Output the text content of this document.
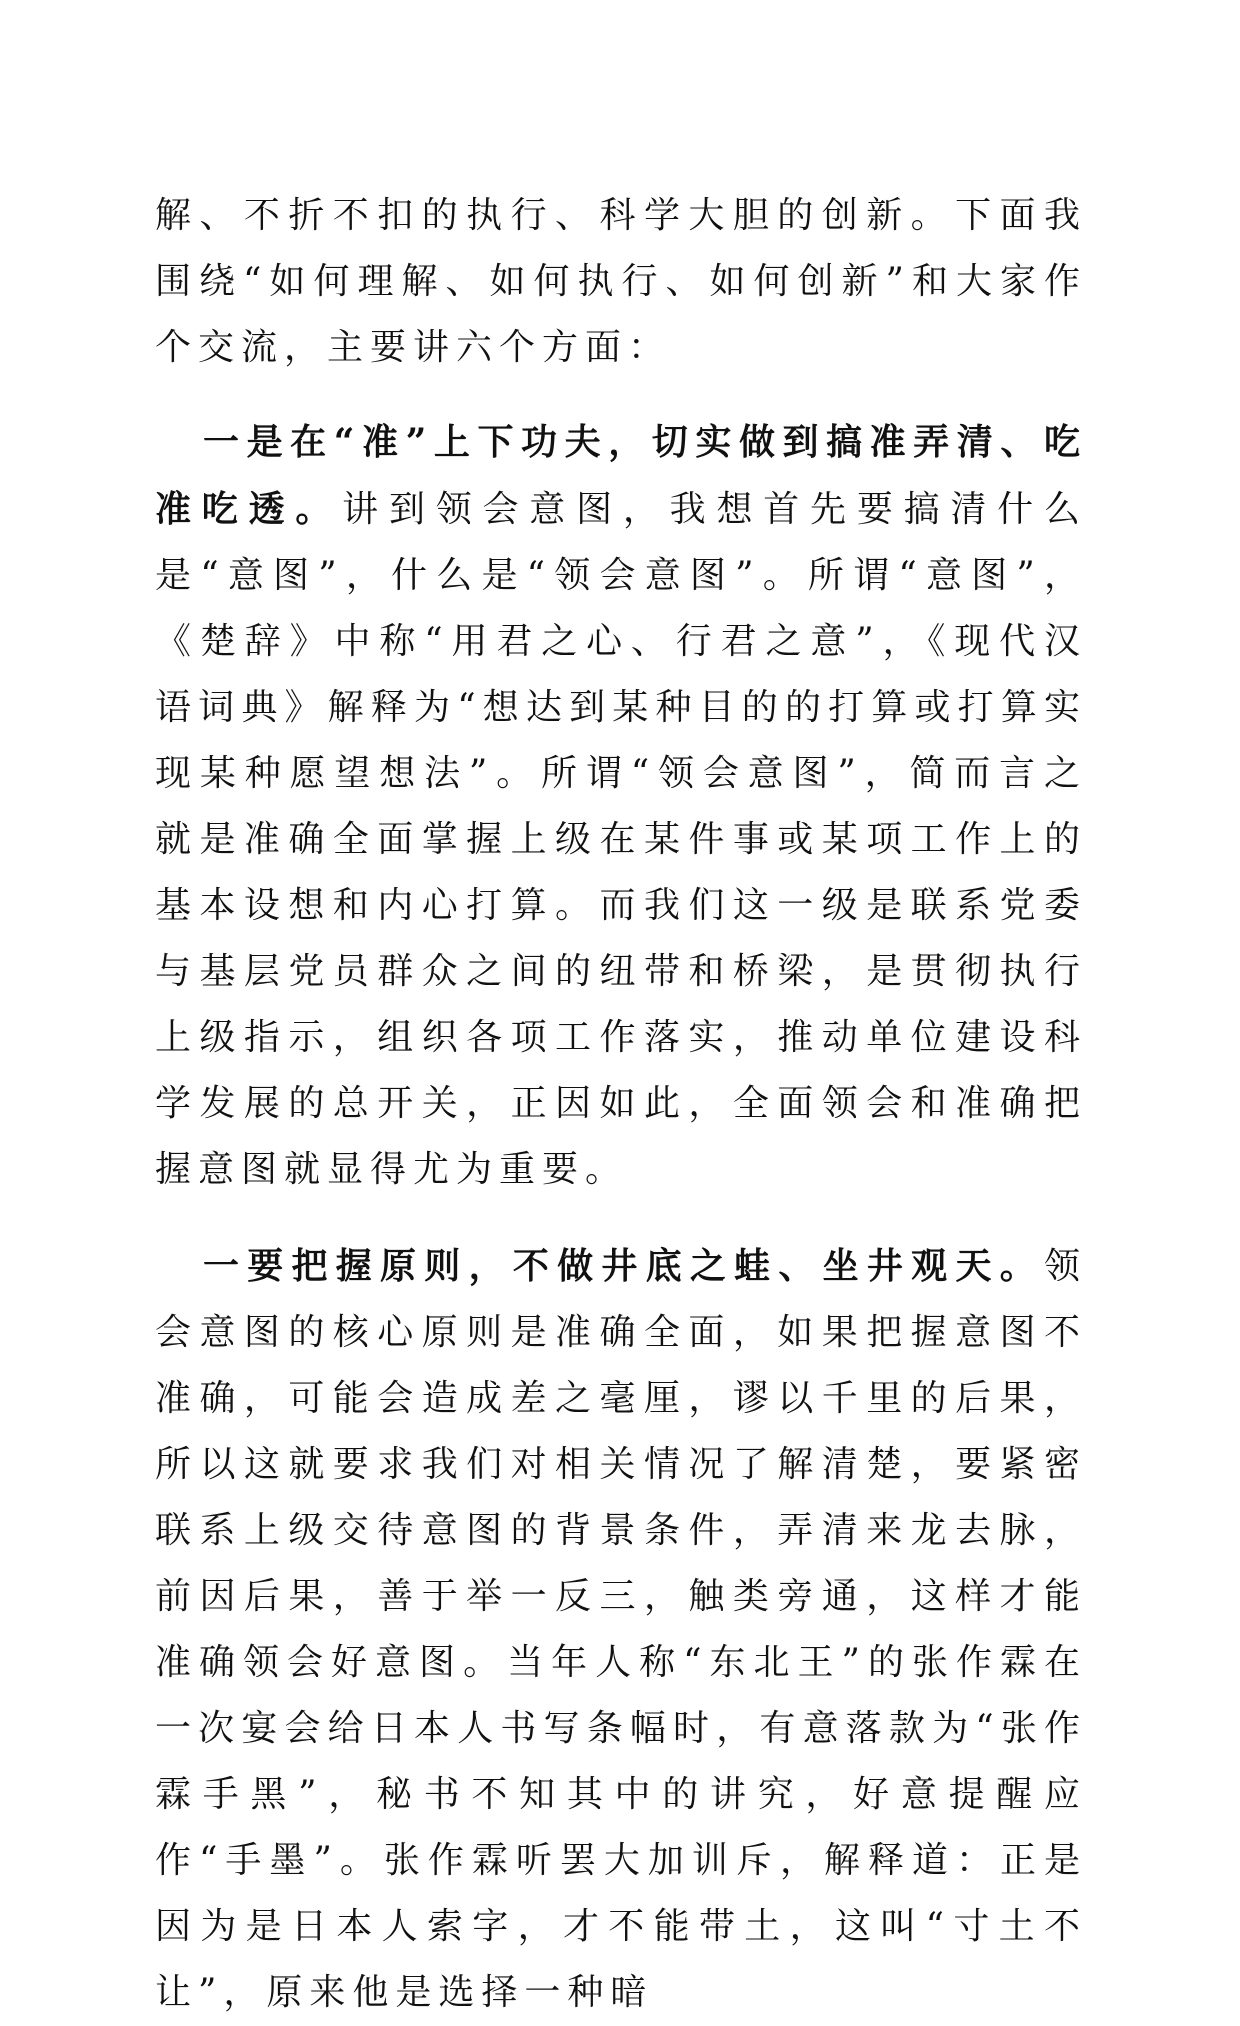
解、不折不扣的执行、科学大胆的创新。下面我围绕“如何理解、如何执行、如何创新”和大家作个交流，主要讲六个方面：

一是在“准”上下功夫，切实做到搞准弄清、吃准吃透。讲到领会意图，我想首先要搞清什么是“意图”，什么是“领会意图”。所谓“意图”，《楚辞》中称“用君之心、行君之意”，《现代汉语词典》解释为“想达到某种目的的打算或打算实现某种愿望想法”。所谓“领会意图”，简而言之就是准确全面掌握上级在某件事或某项工作上的基本设想和内心打算。而我们这一级是联系党委与基层党员群众之间的纽带和桥梁，是贯彻执行上级指示，组织各项工作落实，推动单位建设科学发展的总开关，正因如此，全面领会和准确把握意图就显得尤为重要。

一要把握原则，不做井底之蛙、坐井观天。领会意图的核心原则是准确全面，如果把握意图不准确，可能会造成差之毫厘，谬以千里的后果，所以这就要求我们对相关情况了解清楚，要紧密联系上级交待意图的背景条件，弄清来龙去脉，前因后果，善于举一反三，触类旁通，这样才能准确领会好意图。当年人称“东北王”的张作霖在一次宴会给日本人书写条幅时，有意落款为“张作霖手黑”，秘书不知其中的讲究，好意提醒应作“手墨”。张作霖听罢大加训斥，解释道：正是因为是日本人索字，才不能带土，这叫“寸土不让”，原来他是选择一种暗
